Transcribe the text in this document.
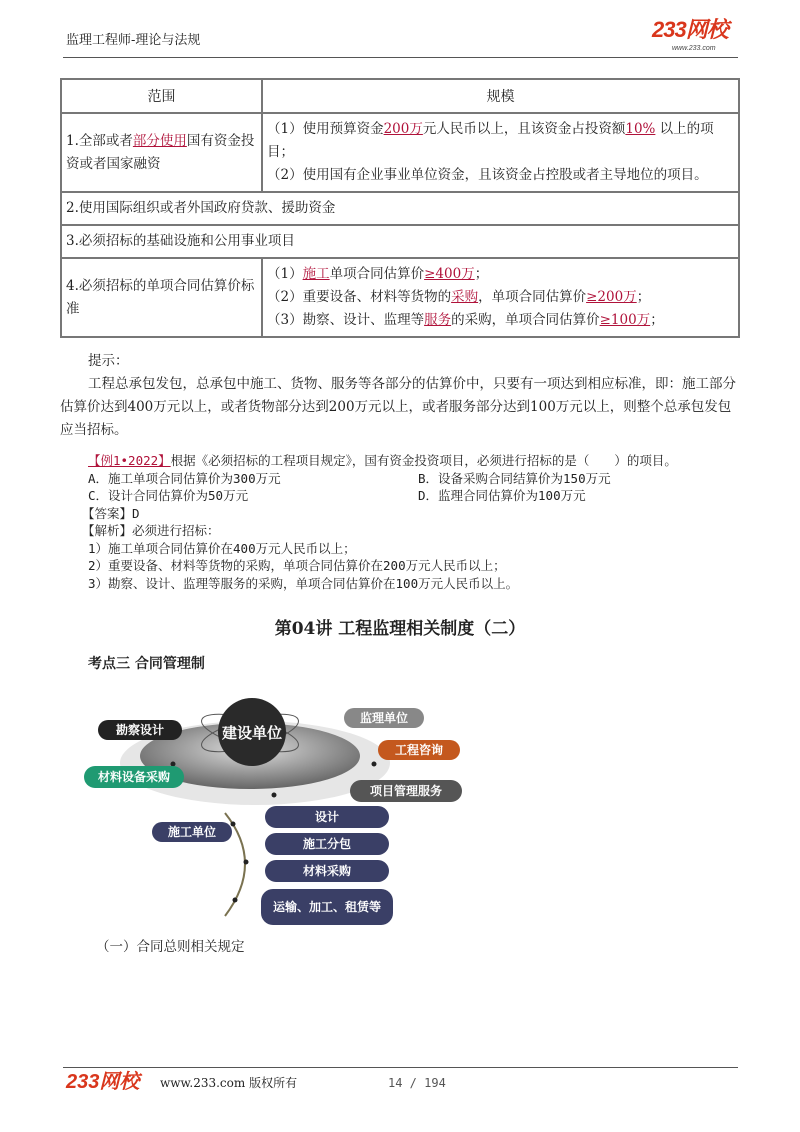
监理工程师-理论与法规	233网校
www.233.com
范围	规模
1.全部或者部分使用国有资金投资或者国家融资	（1）使用预算资金200万元人民币以上，且该资金占投资额10% 以上的项目；
（2）使用国有企业事业单位资金，且该资金占控股或者主导地位的项目。

2.使用国际组织或者外国政府贷款、援助资金	
3.必须招标的基础设施和公用事业项目	
4.必须招标的单项合同估算价标准	（1）施工单项合同估算价≥400万；
（2）重要设备、材料等货物的采购，单项合同估算价≥200万；
（3）勘察、设计、监理等服务的采购，单项合同估算价≥100万；
提示：
工程总承包发包，总承包中施工、货物、服务等各部分的估算价中，只要有一项达到相应标准，即：施工部分估算价达到400万元以上，或者货物部分达到200万元以上，或者服务部分达到100万元以上，则整个总承包发包应当招标。
【例1•2022】根据《必须招标的工程项目规定》，国有资金投资项目，必须进行招标的是（　　）的项目。
A．施工单项合同估算价为300万元	B．设备采购合同结算价为150万元
C．设计合同估算价为50万元	D．监理合同估算价为100万元
【答案】D
【解析】必须进行招标：
1）施工单项合同估算价在400万元人民币以上；
2）重要设备、材料等货物的采购，单项合同估算价在200万元人民币以上；
3）勘察、设计、监理等服务的采购，单项合同估算价在100万元人民币以上。
第04讲 工程监理相关制度（二）
考点三 合同管理制
建设单位
勘察设计
监理单位
工程咨询
材料设备采购
项目管理服务
施工单位
设计
施工分包
材料采购
运输、加工、租赁等
（一）合同总则相关规定
233网校 www.233.com 版权所有	14 / 194
